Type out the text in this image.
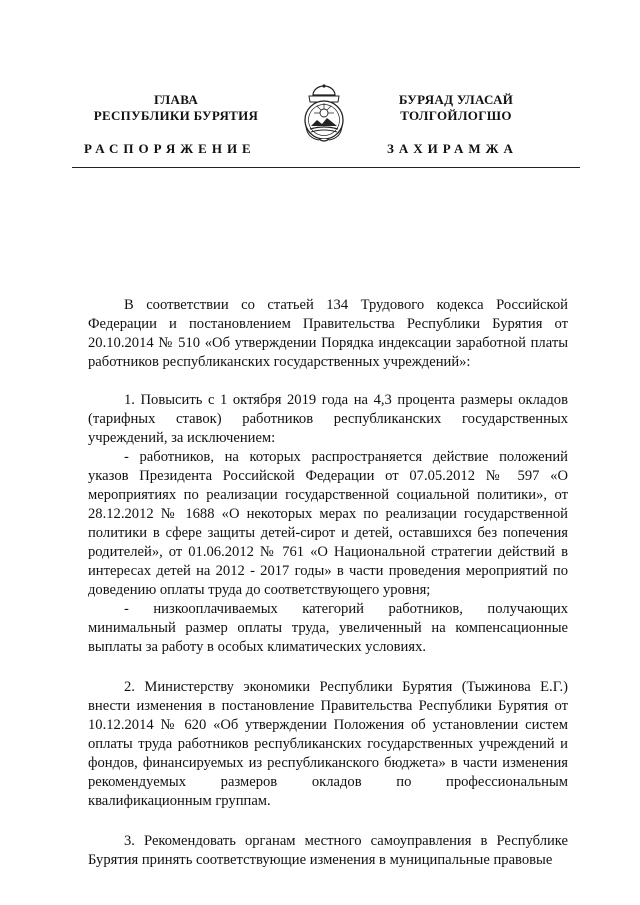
ГЛАВА
РЕСПУБЛИКИ БУРЯТИЯ
БУРЯАД УЛАСАЙ
ТОЛГОЙЛОГШО
РАСПОРЯЖЕНИЕ	ЗАХИРАМЖА

В соответствии со статьей 134 Трудового кодекса Российской Федерации и постановлением Правительства Республики Бурятия от 20.10.2014 № 510 «Об утверждении Порядка индексации заработной платы работников республиканских государственных учреждений»:

1. Повысить с 1 октября 2019 года на 4,3 процента размеры окладов (тарифных ставок) работников республиканских государственных учреждений, за исключением:

- работников, на которых распространяется действие положений указов Президента Российской Федерации от 07.05.2012 № 597 «О мероприятиях по реализации государственной социальной политики», от 28.12.2012 № 1688 «О некоторых мерах по реализации государственной политики в сфере защиты детей-сирот и детей, оставшихся без попечения родителей», от 01.06.2012 № 761 «О Национальной стратегии действий в интересах детей на 2012 - 2017 годы» в части проведения мероприятий по доведению оплаты труда до соответствующего уровня;

- низкооплачиваемых категорий работников, получающих минимальный размер оплаты труда, увеличенный на компенсационные выплаты за работу в особых климатических условиях.

2. Министерству экономики Республики Бурятия (Тыжинова Е.Г.) внести изменения в постановление Правительства Республики Бурятия от 10.12.2014 № 620 «Об утверждении Положения об установлении систем оплаты труда работников республиканских государственных учреждений и фондов, финансируемых из республиканского бюджета» в части изменения рекомендуемых размеров окладов по профессиональным квалификационным группам.

3. Рекомендовать органам местного самоуправления в Республике Бурятия принять соответствующие изменения в муниципальные правовые
